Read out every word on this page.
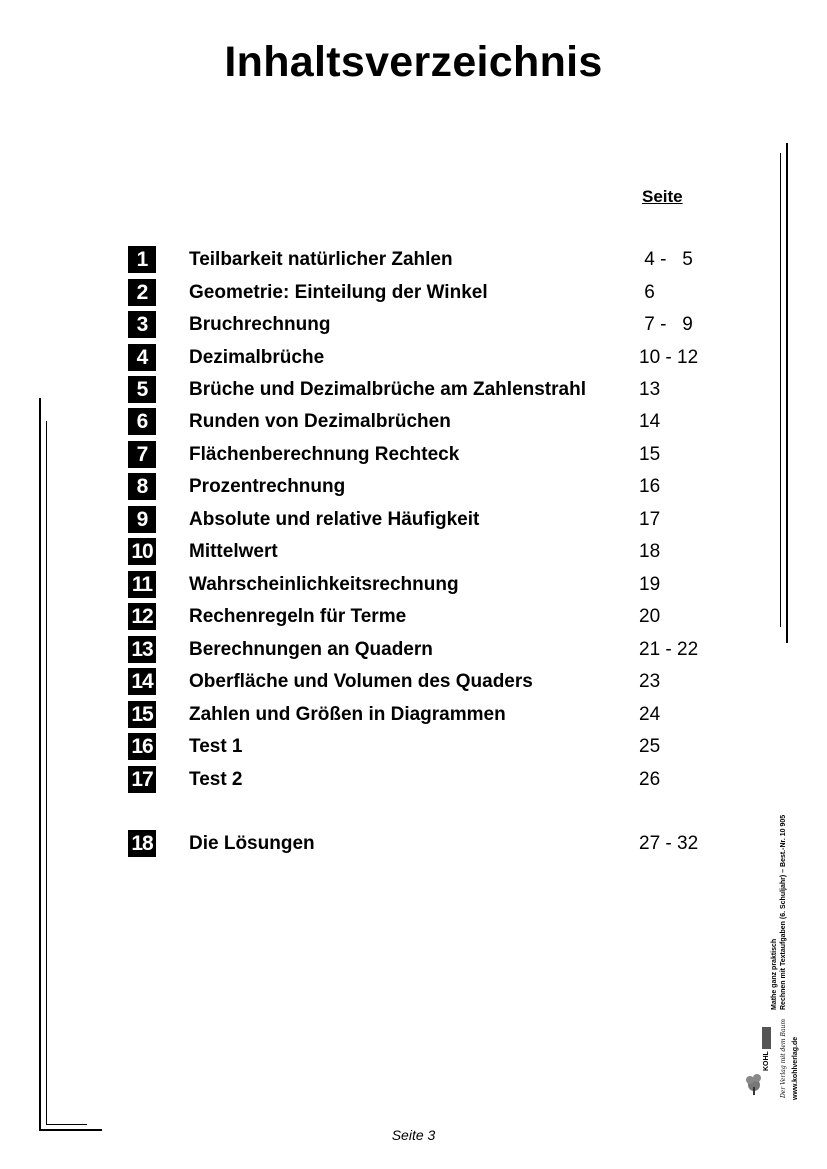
Inhaltsverzeichnis
Seite
1	Teilbarkeit natürlicher Zahlen	4 -   5
2	Geometrie: Einteilung der Winkel	6
3	Bruchrechnung	7 -   9
4	Dezimalbrüche	10 - 12
5	Brüche und Dezimalbrüche am Zahlenstrahl	13
6	Runden von Dezimalbrüchen	14
7	Flächenberechnung Rechteck	15
8	Prozentrechnung	16
9	Absolute und relative Häufigkeit	17
10 Mittelwert	18
11 Wahrscheinlichkeitsrechnung	19
12 Rechenregeln für Terme	20
13 Berechnungen an Quadern	21 - 22
14 Oberfläche und Volumen des Quaders	23
15 Zahlen und Größen in Diagrammen	24
16 Test 1	25
17 Test 2	26
18 Die Lösungen	27 - 32
Mathe ganz praktisch Rechnen mit Textaufgaben (6. Schuljahr) – Best.-Nr. 10 905
Der Verlag mit dem Baum www.kohlverlag.de
KOHL
Seite 3
